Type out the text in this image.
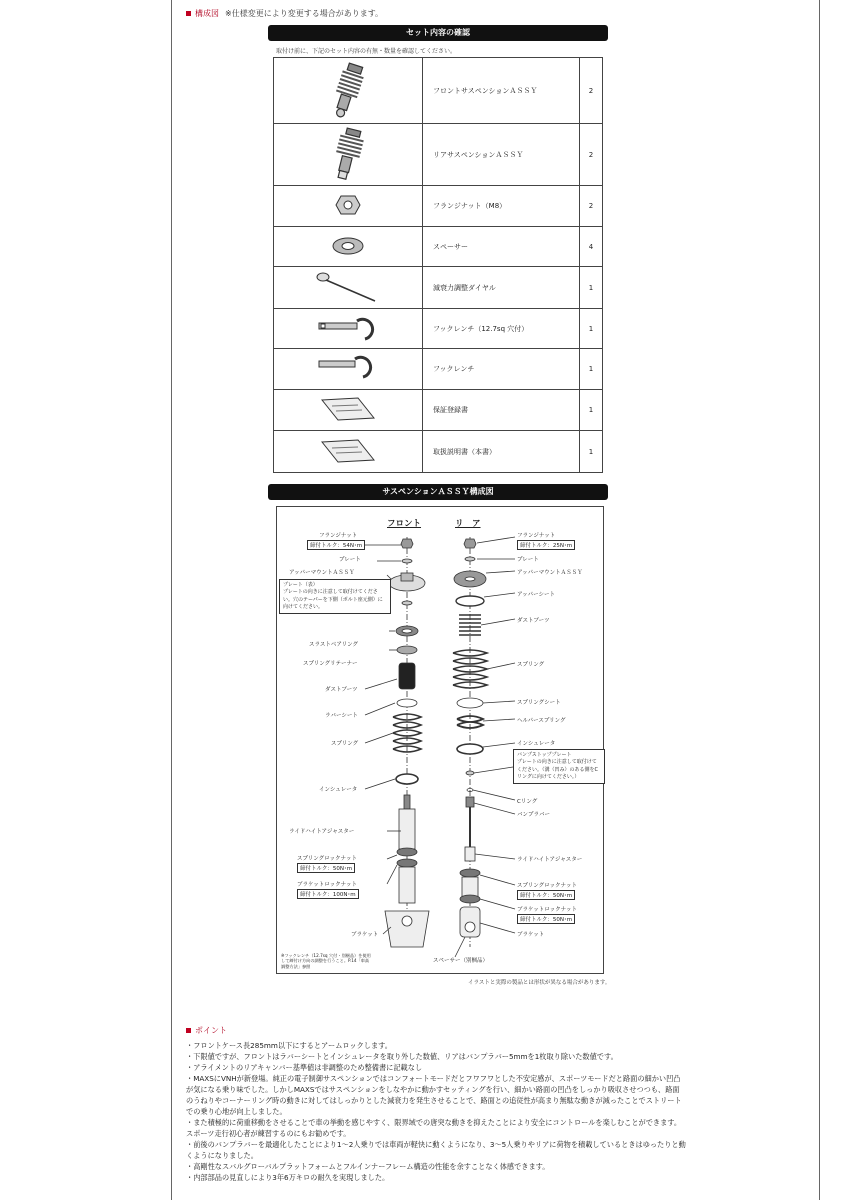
構成図 ※仕様変更により変更する場合があります。
セット内容の確認
取付け前に、下記のセット内容の有無・数量を確認してください。
	フロントサスペンションＡＳＳＹ	2
	リアサスペンションＡＳＳＹ	2
	フランジナット（M8）	2
	スペーサー	4
	減衰力調整ダイヤル	1
	フックレンチ（12.7sq 穴付）	1
	フックレンチ	1
	保証登録書	1
	取扱説明書（本書）	1
サスペンションＡＳＳＹ構成図
フロント	リ　ア
フランジナット
締付トルク：54N･m
プレート
アッパーマウントＡＳＳＹ
プレート（表）
プレートの向きに注意して取付けてください。穴のテーパーを下側（ボルト座元側）に向けてください。
スラストベアリング
スプリングリテーナー
ダストブーツ
ラバーシート
スプリング
インシュレータ
ライドハイトアジャスター
スプリングロックナット
締付トルク：50N･m
ブラケットロックナット
締付トルク：100N･m
ブラケット
※フックレンチ（12.7sq 穴付・別梱品）を使用して締付け方向の調整を行うこと。P.14「車高調整方法」参照
フランジナット
締付トルク：25N･m
プレート
アッパーマウントＡＳＳＹ
アッパーシート
ダストブーツ
スプリング
スプリングシート
ヘルパースプリング
インシュレータ
バンプストッププレート
プレートの向きに注意して取付けてください。（溝（凹み）のある側をCリングに向けてください。）
Cリング
バンプラバー
ライドハイトアジャスター
スプリングロックナット
締付トルク：50N･m
ブラケットロックナット
締付トルク：50N･m
ブラケット
スペーサー（別梱品）
イラストと実際の製品とは形状が異なる場合があります。
ポイント
・フロントケース長285mm以下にするとアームロックします。
・下限値ですが、フロントはラバーシートとインシュレータを取り外した数値、リアはバンプラバー5mmを1枚取り除いた数値です。
・アライメントのリアキャンバー基準値は非調整のため整備書に記載なし
・MAXSにVNHが新登場。純正の電子制御サスペンションではコンフォートモードだとフワフワとした不安定感が、スポーツモードだと路面の細かい凹凸が気になる乗り味でした。しかしMAXSではサスペンションをしなやかに動かすセッティングを行い、細かい路面の凹凸をしっかり吸収させつつも、路面のうねりやコーナーリング時の動きに対してはしっかりとした減衰力を発生させることで、路面との追従性が高まり無駄な動きが減ったことでストリートでの乗り心地が向上しました。
・また積極的に荷重移動をさせることで車の挙動を感じやすく、限界域での唐突な動きを抑えたことにより安全にコントロールを楽しむことができます。スポーツ走行初心者が練習するのにもお勧めです。
・前後のバンプラバーを最適化したことにより1～2人乗りでは車両が軽快に動くようになり、3～5人乗りやリアに荷物を積載しているときはゆったりと動くようになりました。
・高剛性なスバルグローバルプラットフォームとフルインナーフレーム構造の性能を余すことなく体感できます。
・内部部品の見直しにより3年6万キロの耐久を実現しました。
